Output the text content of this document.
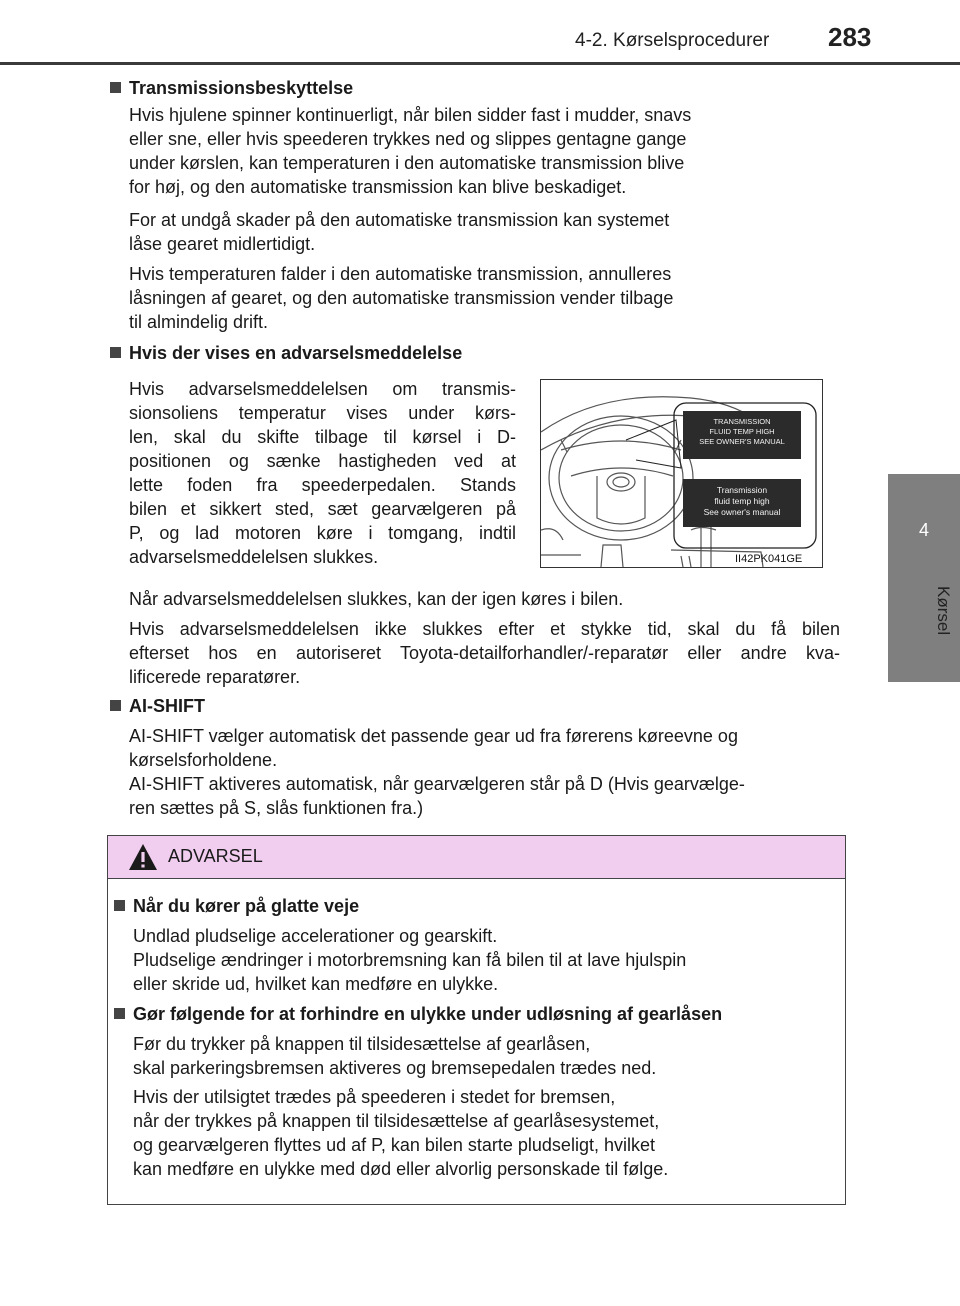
4-2. Kørselsprocedurer 283
4
Kørsel
Transmissionsbeskyttelse
Hvis hjulene spinner kontinuerligt, når bilen sidder fast i mudder, snavs
eller sne, eller hvis speederen trykkes ned og slippes gentagne gange
under kørslen, kan temperaturen i den automatiske transmission blive
for høj, og den automatiske transmission kan blive beskadiget.
For at undgå skader på den automatiske transmission kan systemet
låse gearet midlertidigt.
Hvis temperaturen falder i den automatiske transmission, annulleres
låsningen af gearet, og den automatiske transmission vender tilbage
til almindelig drift.
Hvis der vises en advarselsmeddelelse
Hvis advarselsmeddelelsen om transmis-
sionsoliens temperatur vises under kørs-
len, skal du skifte tilbage til kørsel i D-
positionen og sænke hastigheden ved at
lette foden fra speederpedalen. Stands
bilen et sikkert sted, sæt gearvælgeren på
P, og lad motoren køre i tomgang, indtil
advarselsmeddelelsen slukkes.
TRANSMISSION
FLUID TEMP HIGH
SEE OWNER'S MANUAL
Transmission
fluid temp high
See owner's manual
II42PK041GE
Når advarselsmeddelelsen slukkes, kan der igen køres i bilen.
Hvis advarselsmeddelelsen ikke slukkes efter et stykke tid, skal du få bilen
efterset hos en autoriseret Toyota-detailforhandler/-reparatør eller andre kva-
lificerede reparatører.
AI-SHIFT
AI-SHIFT vælger automatisk det passende gear ud fra førerens køreevne og
kørselsforholdene.
AI-SHIFT aktiveres automatisk, når gearvælgeren står på D (Hvis gearvælge-
ren sættes på S, slås funktionen fra.)
ADVARSEL
Når du kører på glatte veje
Undlad pludselige accelerationer og gearskift.
Pludselige ændringer i motorbremsning kan få bilen til at lave hjulspin
eller skride ud, hvilket kan medføre en ulykke.
Gør følgende for at forhindre en ulykke under udløsning af gearlåsen
Før du trykker på knappen til tilsidesættelse af gearlåsen,
skal parkeringsbremsen aktiveres og bremsepedalen trædes ned.
Hvis der utilsigtet trædes på speederen i stedet for bremsen,
når der trykkes på knappen til tilsidesættelse af gearlåsesystemet,
og gearvælgeren flyttes ud af P, kan bilen starte pludseligt, hvilket
kan medføre en ulykke med død eller alvorlig personskade til følge.
